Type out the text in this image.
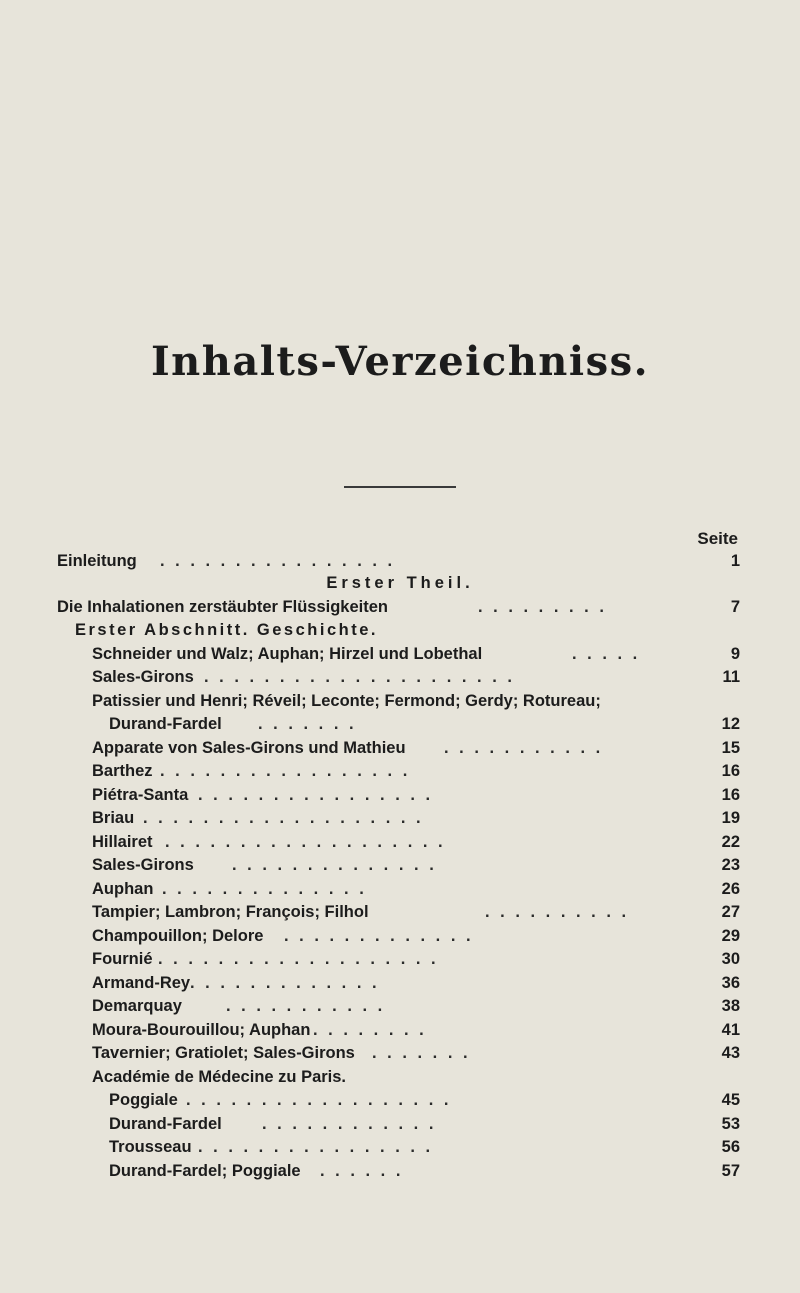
Inhalts-Verzeichniss.
Seite
Einleitung . . . . . . . . . . . . . . . .	1
Erster Theil.
Die Inhalationen zerstäubter Flüssigkeiten	. . . . . . . . .	7
Erster Abschnitt. Geschichte.
Schneider und Walz; Auphan; Hirzel und Lobethal	. . . . .	9
Sales-Girons . . . . . . . . . . . . . . . . . . . . .	11
Patissier und Henri; Réveil; Leconte; Fermond; Gerdy; Rotureau;
Durand-Fardel . . . . . . .	12
Apparate von Sales-Girons und Mathieu . . . . . . . . . . .	15
Barthez . . . . . . . . . . . . . . . . .	16
Piétra-Santa . . . . . . . . . . . . . . . .	16
Briau . . . . . . . . . . . . . . . . . . .	19
Hillairet . . . . . . . . . . . . . . . . . . .	22
Sales-Girons . . . . . . . . . . . . . .	23
Auphan . . . . . . . . . . . . . .	26
Tampier; Lambron; François; Filhol	. . . . . . . . . .	27
Champouillon; Delore . . . . . . . . . . . . .	29
Fournié . . . . . . . . . . . . . . . . . . .	30
Armand-Rey . . . . . . . . . . . . .	36
Demarquay	. . . . . . . . . . .	38
Moura-Bourouillou; Auphan . . . . . . . .	41
Tavernier; Gratiolet; Sales-Girons . . . . . . .	43
Académie de Médecine zu Paris.
Poggiale . . . . . . . . . . . . . . . . . .	45
Durand-Fardel . . . . . . . . . . . .	53
Trousseau . . . . . . . . . . . . . . . .	56
Durand-Fardel; Poggiale . . . . . .	57
